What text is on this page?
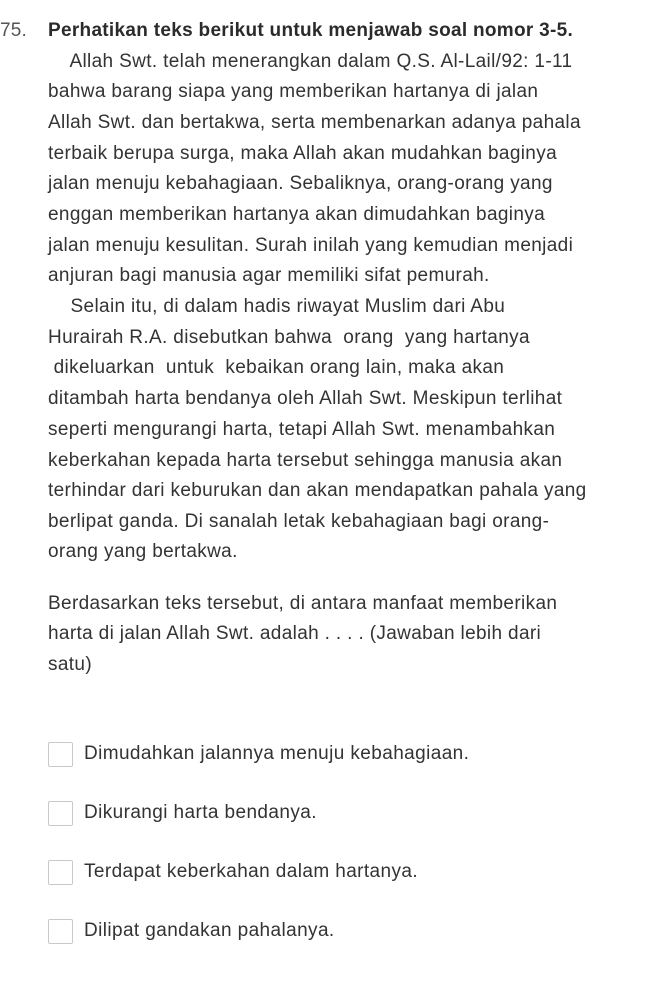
75. Perhatikan teks berikut untuk menjawab soal nomor 3-5.
Allah Swt. telah menerangkan dalam Q.S. Al-Lail/92: 1-11
bahwa barang siapa yang memberikan hartanya di jalan
Allah Swt. dan bertakwa, serta membenarkan adanya pahala
terbaik berupa surga, maka Allah akan mudahkan baginya
jalan menuju kebahagiaan. Sebaliknya, orang-orang yang
enggan memberikan hartanya akan dimudahkan baginya
jalan menuju kesulitan. Surah inilah yang kemudian menjadi
anjuran bagi manusia agar memiliki sifat pemurah.
Selain itu, di dalam hadis riwayat Muslim dari Abu
Hurairah R.A. disebutkan bahwa  orang  yang hartanya
dikeluarkan  untuk  kebaikan orang lain, maka akan
ditambah harta bendanya oleh Allah Swt. Meskipun terlihat
seperti mengurangi harta, tetapi Allah Swt. menambahkan
keberkahan kepada harta tersebut sehingga manusia akan
terhindar dari keburukan dan akan mendapatkan pahala yang
berlipat ganda. Di sanalah letak kebahagiaan bagi orang-
orang yang bertakwa.
Berdasarkan teks tersebut, di antara manfaat memberikan
harta di jalan Allah Swt. adalah . . . . (Jawaban lebih dari
satu)
Dimudahkan jalannya menuju kebahagiaan.
Dikurangi harta bendanya.
Terdapat keberkahan dalam hartanya.
Dilipat gandakan pahalanya.
